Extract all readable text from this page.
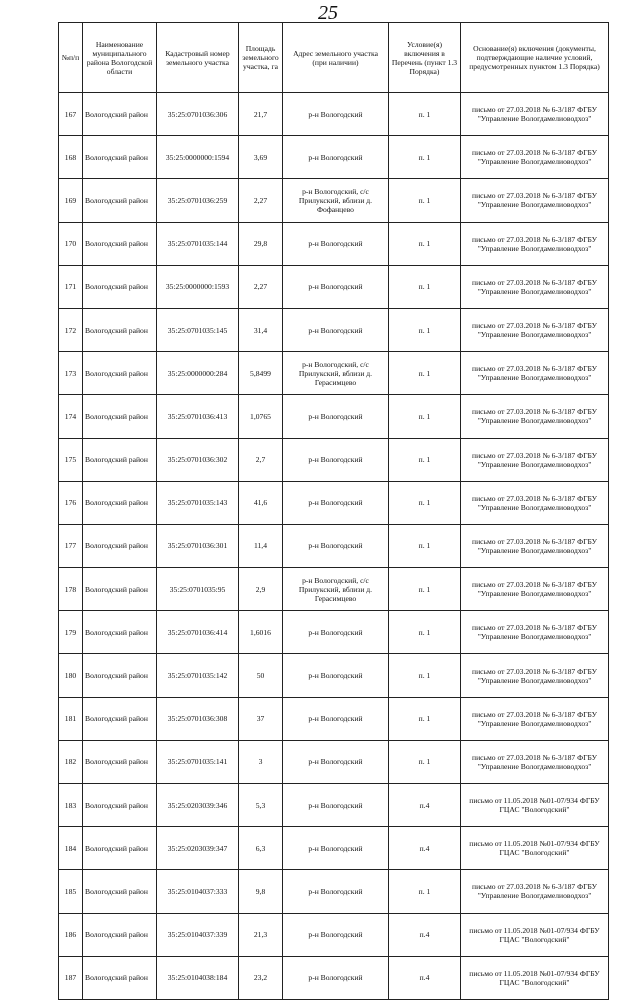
25
№п/п	Наименование муниципального района Вологодской области	Кадастровый номер земельного участка	Площадь земельного участка, га	Адрес земельного участка (при наличии)	Условие(я) включения в Перечень (пункт 1.3 Порядка)	Основание(я) включения (документы, подтверждающие наличие условий, предусмотренных пунктом 1.3 Порядка)
167	Вологодский район	35:25:0701036:306	21,7	р-н Вологодский	п. 1	письмо от 27.03.2018 № 6-3/187 ФГБУ "Управление Вологдамелиоводхоз"
168	Вологодский район	35:25:0000000:1594	3,69	р-н Вологодский	п. 1	письмо от 27.03.2018 № 6-3/187 ФГБУ "Управление Вологдамелиоводхоз"
169	Вологодский район	35:25:0701036:259	2,27	р-н Вологодский, с/с Прилукский, вблизи д. Фофанцево	п. 1	письмо от 27.03.2018 № 6-3/187 ФГБУ "Управление Вологдамелиоводхоз"
170	Вологодский район	35:25:0701035:144	29,8	р-н Вологодский	п. 1	письмо от 27.03.2018 № 6-3/187 ФГБУ "Управление Вологдамелиоводхоз"
171	Вологодский район	35:25:0000000:1593	2,27	р-н Вологодский	п. 1	письмо от 27.03.2018 № 6-3/187 ФГБУ "Управление Вологдамелиоводхоз"
172	Вологодский район	35:25:0701035:145	31,4	р-н Вологодский	п. 1	письмо от 27.03.2018 № 6-3/187 ФГБУ "Управление Вологдамелиоводхоз"
173	Вологодский район	35:25:0000000:284	5,8499	р-н Вологодский, с/с Прилукский, вблизи д. Герасимцево	п. 1	письмо от 27.03.2018 № 6-3/187 ФГБУ "Управление Вологдамелиоводхоз"
174	Вологодский район	35:25:0701036:413	1,0765	р-н Вологодский	п. 1	письмо от 27.03.2018 № 6-3/187 ФГБУ "Управление Вологдамелиоводхоз"
175	Вологодский район	35:25:0701036:302	2,7	р-н Вологодский	п. 1	письмо от 27.03.2018 № 6-3/187 ФГБУ "Управление Вологдамелиоводхоз"
176	Вологодский район	35:25:0701035:143	41,6	р-н Вологодский	п. 1	письмо от 27.03.2018 № 6-3/187 ФГБУ "Управление Вологдамелиоводхоз"
177	Вологодский район	35:25:0701036:301	11,4	р-н Вологодский	п. 1	письмо от 27.03.2018 № 6-3/187 ФГБУ "Управление Вологдамелиоводхоз"
178	Вологодский район	35:25:0701035:95	2,9	р-н Вологодский, с/с Прилукский, вблизи д. Герасимцево	п. 1	письмо от 27.03.2018 № 6-3/187 ФГБУ "Управление Вологдамелиоводхоз"
179	Вологодский район	35:25:0701036:414	1,6016	р-н Вологодский	п. 1	письмо от 27.03.2018 № 6-3/187 ФГБУ "Управление Вологдамелиоводхоз"
180	Вологодский район	35:25:0701035:142	50	р-н Вологодский	п. 1	письмо от 27.03.2018 № 6-3/187 ФГБУ "Управление Вологдамелиоводхоз"
181	Вологодский район	35:25:0701036:308	37	р-н Вологодский	п. 1	письмо от 27.03.2018 № 6-3/187 ФГБУ "Управление Вологдамелиоводхоз"
182	Вологодский район	35:25:0701035:141	3	р-н Вологодский	п. 1	письмо от 27.03.2018 № 6-3/187 ФГБУ "Управление Вологдамелиоводхоз"
183	Вологодский район	35:25:0203039:346	5,3	р-н Вологодский	п.4	письмо от 11.05.2018 №01-07/934 ФГБУ ГЦАС "Вологодский"
184	Вологодский район	35:25:0203039:347	6,3	р-н Вологодский	п.4	письмо от 11.05.2018 №01-07/934 ФГБУ ГЦАС "Вологодский"
185	Вологодский район	35:25:0104037:333	9,8	р-н Вологодский	п. 1	письмо от 27.03.2018 № 6-3/187 ФГБУ "Управление Вологдамелиоводхоз"
186	Вологодский район	35:25:0104037:339	21,3	р-н Вологодский	п.4	письмо от 11.05.2018 №01-07/934 ФГБУ ГЦАС "Вологодский"
187	Вологодский район	35:25:0104038:184	23,2	р-н Вологодский	п.4	письмо от 11.05.2018 №01-07/934 ФГБУ ГЦАС "Вологодский"
